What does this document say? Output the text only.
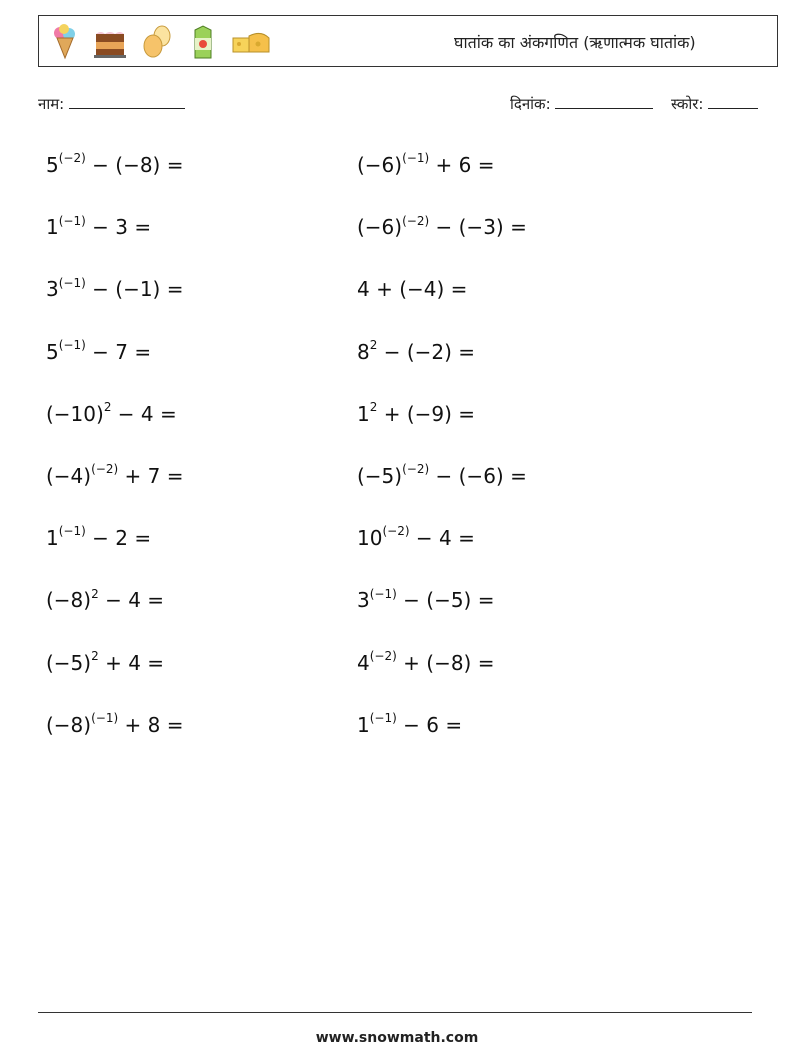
घातांक का अंकगणित (ऋणात्मक घातांक)
नाम:	दिनांक:	स्कोर:
$5^{(-2)} - (-8)$ =
$1^{(-1)} - 3$ =
$3^{(-1)} - (-1)$ =
$5^{(-1)} - 7$ =
$(-10)^2 - 4$ =
$(-4)^{(-2)} + 7$ =
$1^{(-1)} - 2$ =
$(-8)^2 - 4$ =
$(-5)^2 + 4$ =
$(-8)^{(-1)} + 8$ =
$(-6)^{(-1)} + 6$ =
$(-6)^{(-2)} - (-3)$ =
4 + (−4) =
$8^2 - (-2)$ =
$1^2 + (-9)$ =
$(-5)^{(-2)} - (-6)$ =
$10^{(-2)} - 4$ =
$3^{(-1)} - (-5)$ =
$4^{(-2)} + (-8)$ =
$1^{(-1)} - 6$ =
www.snowmath.com
